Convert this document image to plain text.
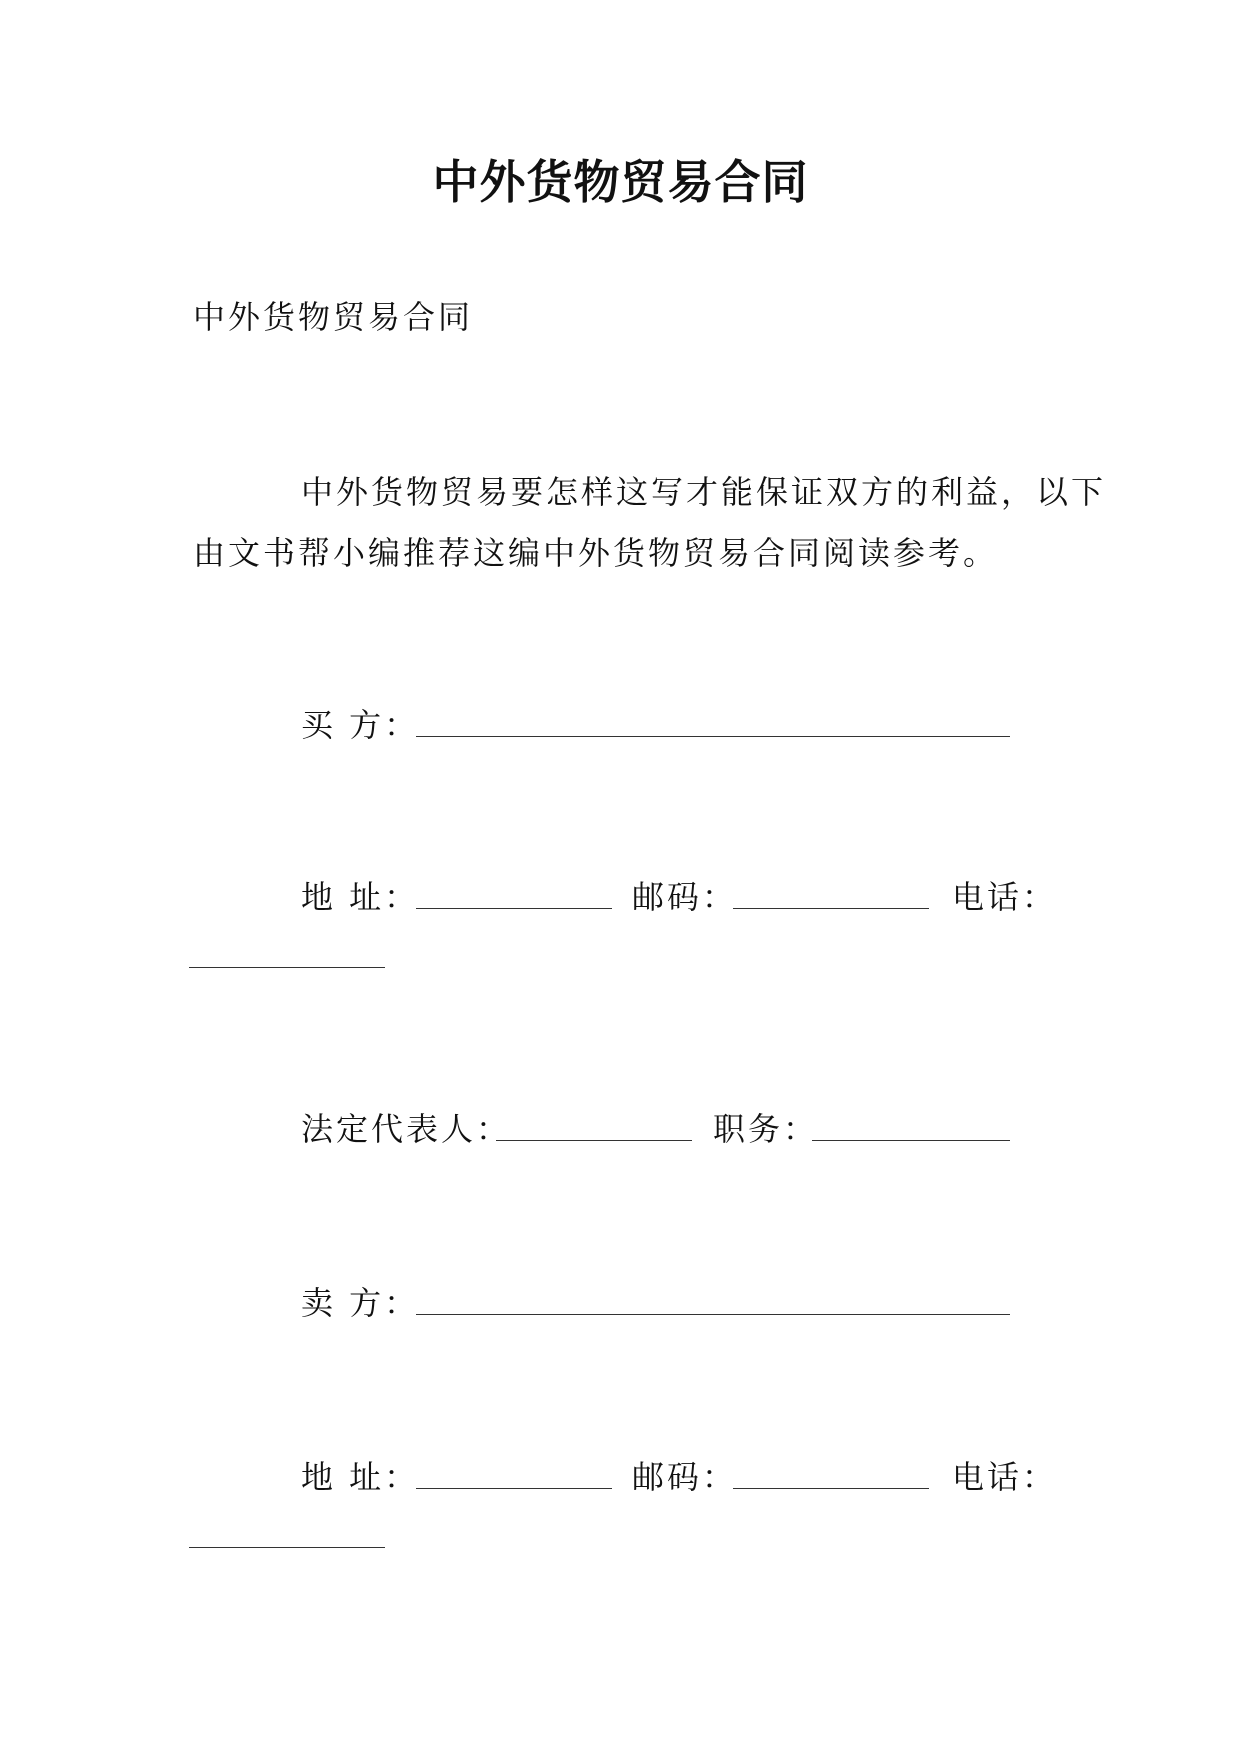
中外货物贸易合同
中外货物贸易合同
中外货物贸易要怎样这写才能保证双方的利益，以下
由文书帮小编推荐这编中外货物贸易合同阅读参考。
买 方：
地 址：	邮码：	电话：
法定代表人：	职务：
卖 方：
地 址：	邮码：	电话：
